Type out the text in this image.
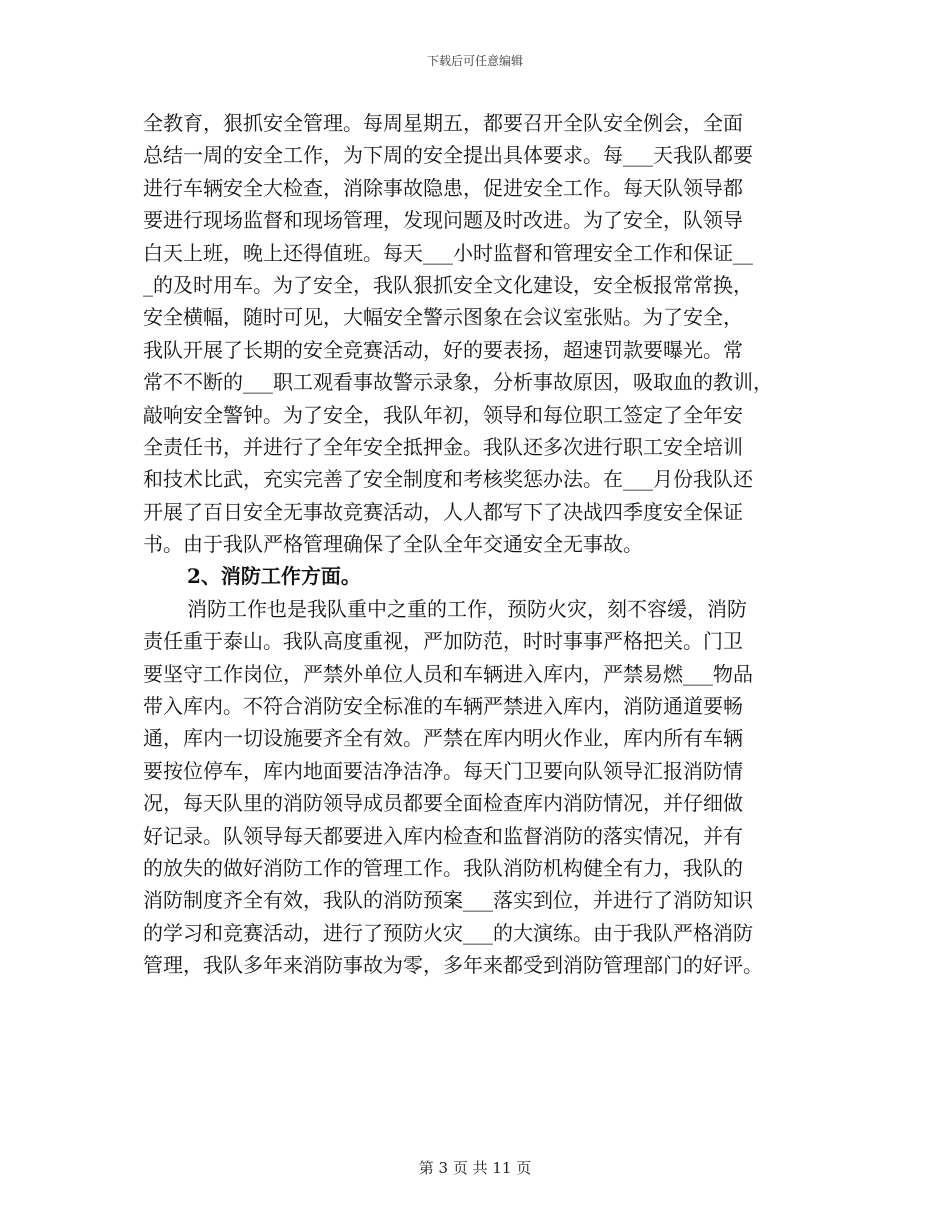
下载后可任意编辑
全教育，狠抓安全管理。每周星期五，都要召开全队安全例会，全面
总结一周的安全工作，为下周的安全提出具体要求。每___天我队都要
进行车辆安全大检查，消除事故隐患，促进安全工作。每天队领导都
要进行现场监督和现场管理，发现问题及时改进。为了安全，队领导
白天上班，晚上还得值班。每天___小时监督和管理安全工作和保证__
_的及时用车。为了安全，我队狠抓安全文化建设，安全板报常常换，
安全横幅，随时可见，大幅安全警示图象在会议室张贴。为了安全，
我队开展了长期的安全竞赛活动，好的要表扬，超速罚款要曝光。常
常不不断的___职工观看事故警示录象，分析事故原因，吸取血的教训，
敲响安全警钟。为了安全，我队年初，领导和每位职工签定了全年安
全责任书，并进行了全年安全抵押金。我队还多次进行职工安全培训
和技术比武，充实完善了安全制度和考核奖惩办法。在___月份我队还
开展了百日安全无事故竞赛活动，人人都写下了决战四季度安全保证
书。由于我队严格管理确保了全队全年交通安全无事故。
2、消防工作方面。
消防工作也是我队重中之重的工作，预防火灾，刻不容缓，消防
责任重于泰山。我队高度重视，严加防范，时时事事严格把关。门卫
要坚守工作岗位，严禁外单位人员和车辆进入库内，严禁易燃___物品
带入库内。不符合消防安全标准的车辆严禁进入库内，消防通道要畅
通，库内一切设施要齐全有效。严禁在库内明火作业，库内所有车辆
要按位停车，库内地面要洁净洁净。每天门卫要向队领导汇报消防情
况，每天队里的消防领导成员都要全面检查库内消防情况，并仔细做
好记录。队领导每天都要进入库内检查和监督消防的落实情况，并有
的放失的做好消防工作的管理工作。我队消防机构健全有力，我队的
消防制度齐全有效，我队的消防预案___落实到位，并进行了消防知识
的学习和竞赛活动，进行了预防火灾___的大演练。由于我队严格消防
管理，我队多年来消防事故为零，多年来都受到消防管理部门的好评。
第 3 页 共 11 页
